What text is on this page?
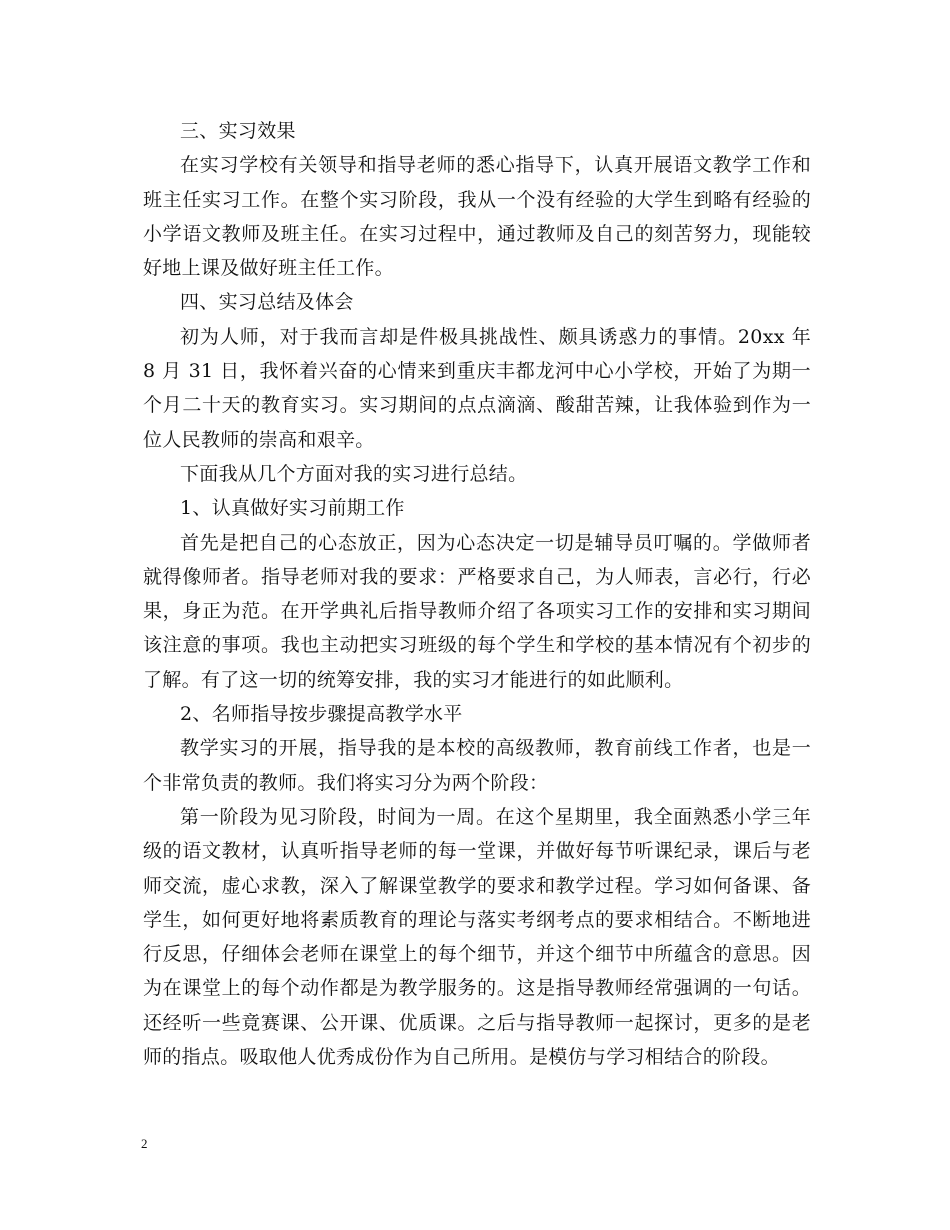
三、实习效果

在实习学校有关领导和指导老师的悉心指导下，认真开展语文教学工作和班主任实习工作。在整个实习阶段，我从一个没有经验的大学生到略有经验的小学语文教师及班主任。在实习过程中，通过教师及自己的刻苦努力，现能较好地上课及做好班主任工作。

四、实习总结及体会

初为人师，对于我而言却是件极具挑战性、颇具诱惑力的事情。20xx 年 8 月 31 日，我怀着兴奋的心情来到重庆丰都龙河中心小学校，开始了为期一个月二十天的教育实习。实习期间的点点滴滴、酸甜苦辣，让我体验到作为一位人民教师的崇高和艰辛。

下面我从几个方面对我的实习进行总结。

1、认真做好实习前期工作

首先是把自己的心态放正，因为心态决定一切是辅导员叮嘱的。学做师者就得像师者。指导老师对我的要求：严格要求自己，为人师表，言必行，行必果，身正为范。在开学典礼后指导教师介绍了各项实习工作的安排和实习期间该注意的事项。我也主动把实习班级的每个学生和学校的基本情况有个初步的了解。有了这一切的统筹安排，我的实习才能进行的如此顺利。

2、名师指导按步骤提高教学水平

教学实习的开展，指导我的是本校的高级教师，教育前线工作者，也是一个非常负责的教师。我们将实习分为两个阶段：

第一阶段为见习阶段，时间为一周。在这个星期里，我全面熟悉小学三年级的语文教材，认真听指导老师的每一堂课，并做好每节听课纪录，课后与老师交流，虚心求教，深入了解课堂教学的要求和教学过程。学习如何备课、备学生，如何更好地将素质教育的理论与落实考纲考点的要求相结合。不断地进行反思，仔细体会老师在课堂上的每个细节，并这个细节中所蕴含的意思。因为在课堂上的每个动作都是为教学服务的。这是指导教师经常强调的一句话。还经听一些竟赛课、公开课、优质课。之后与指导教师一起探讨，更多的是老师的指点。吸取他人优秀成份作为自己所用。是模仿与学习相结合的阶段。

2
